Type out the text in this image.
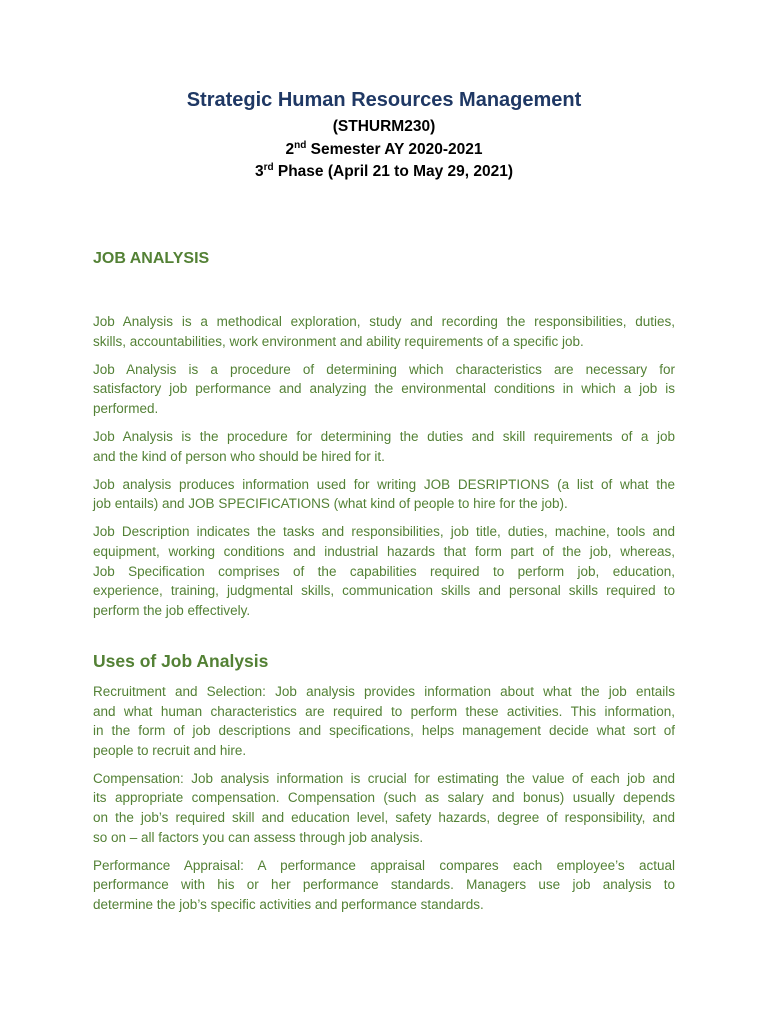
Strategic Human Resources Management
(STHURM230)
2nd Semester AY 2020-2021
3rd Phase (April 21 to May 29, 2021)
JOB ANALYSIS
Job Analysis is a methodical exploration, study and recording the responsibilities, duties,
skills, accountabilities, work environment and ability requirements of a specific job.
Job Analysis is a procedure of determining which characteristics are necessary for
satisfactory job performance and analyzing the environmental conditions in which a job is
performed.
Job Analysis is the procedure for determining the duties and skill requirements of a job
and the kind of person who should be hired for it.
Job analysis produces information used for writing JOB DESRIPTIONS (a list of what the
job entails) and JOB SPECIFICATIONS (what kind of people to hire for the job).
Job Description indicates the tasks and responsibilities, job title, duties, machine, tools and
equipment, working conditions and industrial hazards that form part of the job, whereas,
Job Specification comprises of the capabilities required to perform job, education,
experience, training, judgmental skills, communication skills and personal skills required to
perform the job effectively.
Uses of Job Analysis
Recruitment and Selection: Job analysis provides information about what the job entails
and what human characteristics are required to perform these activities. This information,
in the form of job descriptions and specifications, helps management decide what sort of
people to recruit and hire.
Compensation: Job analysis information is crucial for estimating the value of each job and
its appropriate compensation. Compensation (such as salary and bonus) usually depends
on the job’s required skill and education level, safety hazards, degree of responsibility, and
so on – all factors you can assess through job analysis.
Performance Appraisal: A performance appraisal compares each employee’s actual
performance with his or her performance standards. Managers use job analysis to
determine the job’s specific activities and performance standards.
